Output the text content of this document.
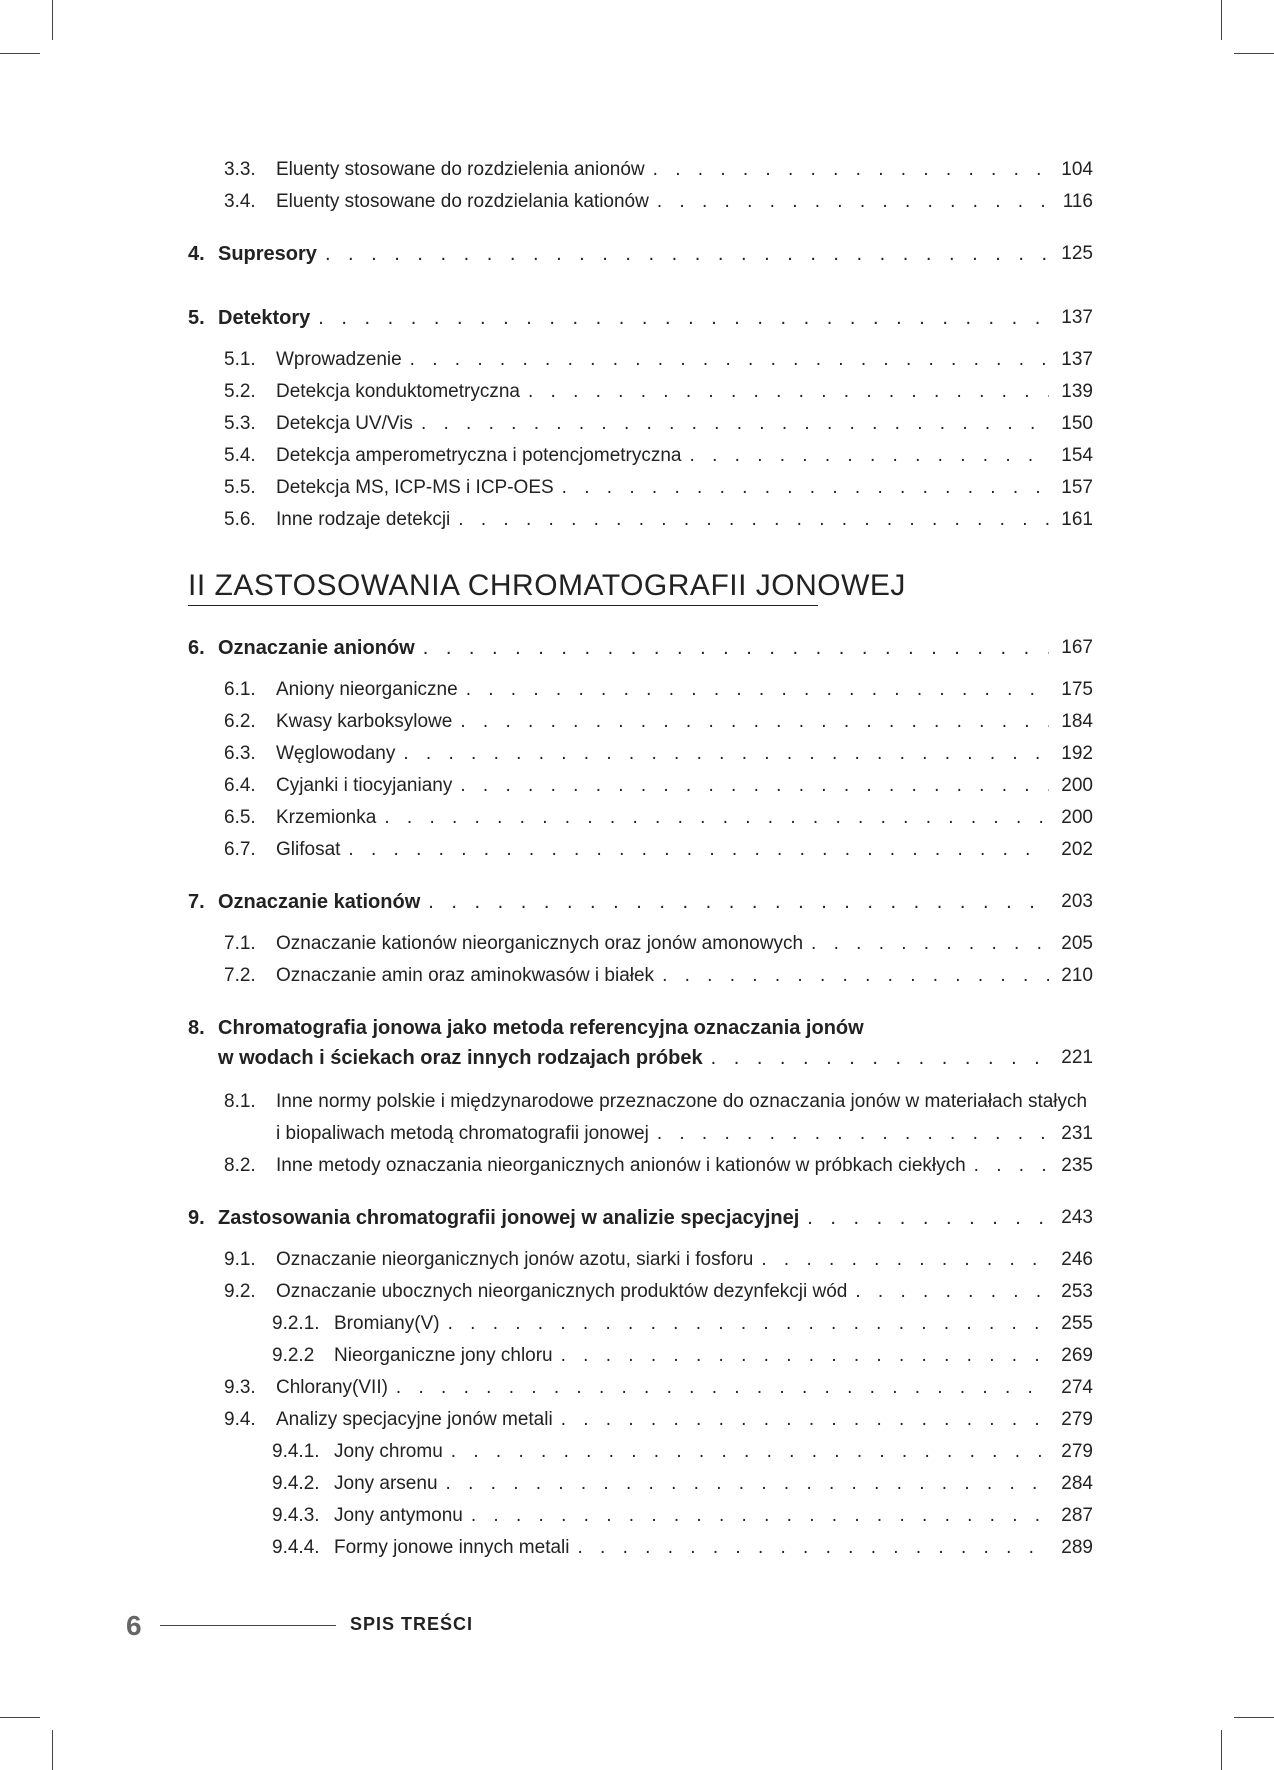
3.3.	Eluenty stosowane do rozdzielenia anionów . . .	104
3.4.	Eluenty stosowane do rozdzielania kationów . . .	116
4. Supresory . . .	125
5. Detektory . . .	137
5.1.	Wprowadzenie . . .	137
5.2.	Detekcja konduktometryczna . . .	139
5.3.	Detekcja UV/Vis . . .	150
5.4.	Detekcja amperometryczna i potencjometryczna . . .	154
5.5.	Detekcja MS, ICP-MS i ICP-OES . . .	157
5.6.	Inne rodzaje detekcji . . .	161
6. Oznaczanie anionów . . .	167
6.1.	Aniony nieorganiczne . . .	175
6.2.	Kwasy karboksylowe . . .	184
6.3.	Węglowodany . . .	192
6.4.	Cyjanki i tiocyjaniany . . .	200
6.5.	Krzemionka . . .	200
6.7.	Glifosat . . .	202
7. Oznaczanie kationów . . .	203
7.1.	Oznaczanie kationów nieorganicznych oraz jonów amonowych . . .	205
7.2.	Oznaczanie amin oraz aminokwasów i białek . . .	210
8. Chromatografia jonowa jako metoda referencyjna oznaczania jonów
w wodach i ściekach oraz innych rodzajach próbek . . .	221
8.1.	Inne normy polskie i międzynarodowe przeznaczone do oznaczania jonów w materiałach stałych
i biopaliwach metodą chromatografii jonowej . . .	231
8.2.	Inne metody oznaczania nieorganicznych anionów i kationów w próbkach ciekłych . . .	235
9. Zastosowania chromatografii jonowej w analizie specjacyjnej . . .	243
9.1.	Oznaczanie nieorganicznych jonów azotu, siarki i fosforu . . .	246
9.2.	Oznaczanie ubocznych nieorganicznych produktów dezynfekcji wód . . .	253
9.2.1. Bromiany(V) . . .	255
9.2.2	Nieorganiczne jony chloru . . .	269
9.3.	Chlorany(VII) . . .	274
9.4.	Analizy specjacyjne jonów metali . . .	279
9.4.1. Jony chromu . . .	279
9.4.2. Jony arsenu . . .	284
9.4.3. Jony antymonu . . .	287
9.4.4. Formy jonowe innych metali . . .	289
II ZASTOSOWANIA CHROMATOGRAFII JONOWEJ
6	SPIS TREŚCI
